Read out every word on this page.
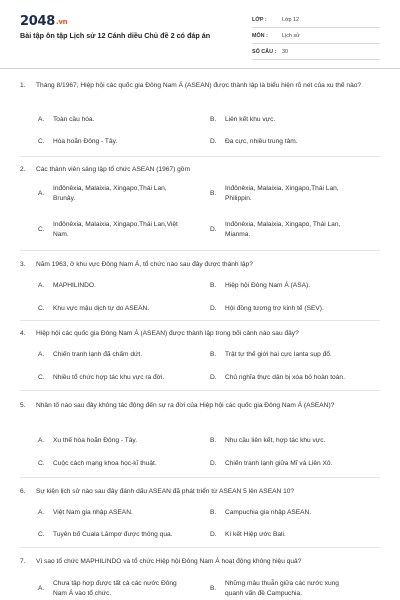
2048.vn
Bài tập ôn tập Lịch sử 12 Cánh diều Chủ đề 2 có đáp án
LỚP :	Lớp 12
MÔN :	Lịch sử
SỐ CÂU :	30
1. Tháng 8/1967, Hiệp hội các quốc gia Đông Nam Á (ASEAN) được thành lập là biểu hiện rõ nét của xu thế nào?
A.	Toàn cầu hóa.	B.	Liên kết khu vực.
C.	Hòa hoãn Đông - Tây.	D.	Đa cực, nhiều trung tâm.
2. Các thành viên sáng lập tổ chức ASEAN (1967) gồm
A.
Inđônêxia, Malaixia, Xingapo,Thái Lan, Brunây.
B.
Inđônêxia, Malaixia, Xingapo,Thái Lan, Philippin.
C.
Inđônêxia, Malaixia, Xingapo,Thái Lan,Việt Nam.
D.
Inđônêxia, Malaixia, Xingapo, Thái Lan, Mianma.
3. Năm 1963, ở khu vực Đông Nam Á, tổ chức nào sau đây được thành lập?
A.	MAPHILINDO.	B.	Hiệp hội Đông Nam Á (ASA).
C.	Khu vực mậu dịch tự do ASEAN.	D.	Hội đồng tương trợ kinh tế (SEV).
4. Hiệp hội các quốc gia Đông Nam Á (ASEAN) được thành lập trong bối cảnh nào sau đây?
A.	Chiến tranh lạnh đã chấm dứt.	B.	Trật tự thế giới hai cực Ianta sụp đổ.
C.	Nhiều tổ chức hợp tác khu vực ra đời.	D.	Chủ nghĩa thực dân bị xóa bỏ hoàn toàn.
5. Nhân tố nào sau đây không tác động đến sự ra đời của Hiệp hội các quốc gia Đông Nam Á (ASEAN)?
A.	Xu thế hòa hoãn Đông - Tây.	B.	Nhu cầu liên kết, hợp tác khu vực.
C.	Cuộc cách mạng khoa học-kĩ thuật.	D.	Chiến tranh lạnh giữa Mĩ và Liên Xô.
6. Sự kiện lịch sử nào sau đây đánh dấu ASEAN đã phát triển từ ASEAN 5 lên ASEAN 10?
A.	Việt Nam gia nhập ASEAN.	B.	Campuchia gia nhập ASEAN.
C.	Tuyên bố Cuala Lămpơ được thông qua.	D.	Kí kết Hiệp ước Bali.
7. Vì sao tổ chức MAPHILINDO và tổ chức Hiệp hội Đông Nam Á hoạt động không hiệu quả?
A.
Chưa tập hợp được tất cả các nước Đông Nam Á vào tổ chức.
B.
Những mâu thuẫn giữa các nước xung quanh vấn đề Campuchia.
